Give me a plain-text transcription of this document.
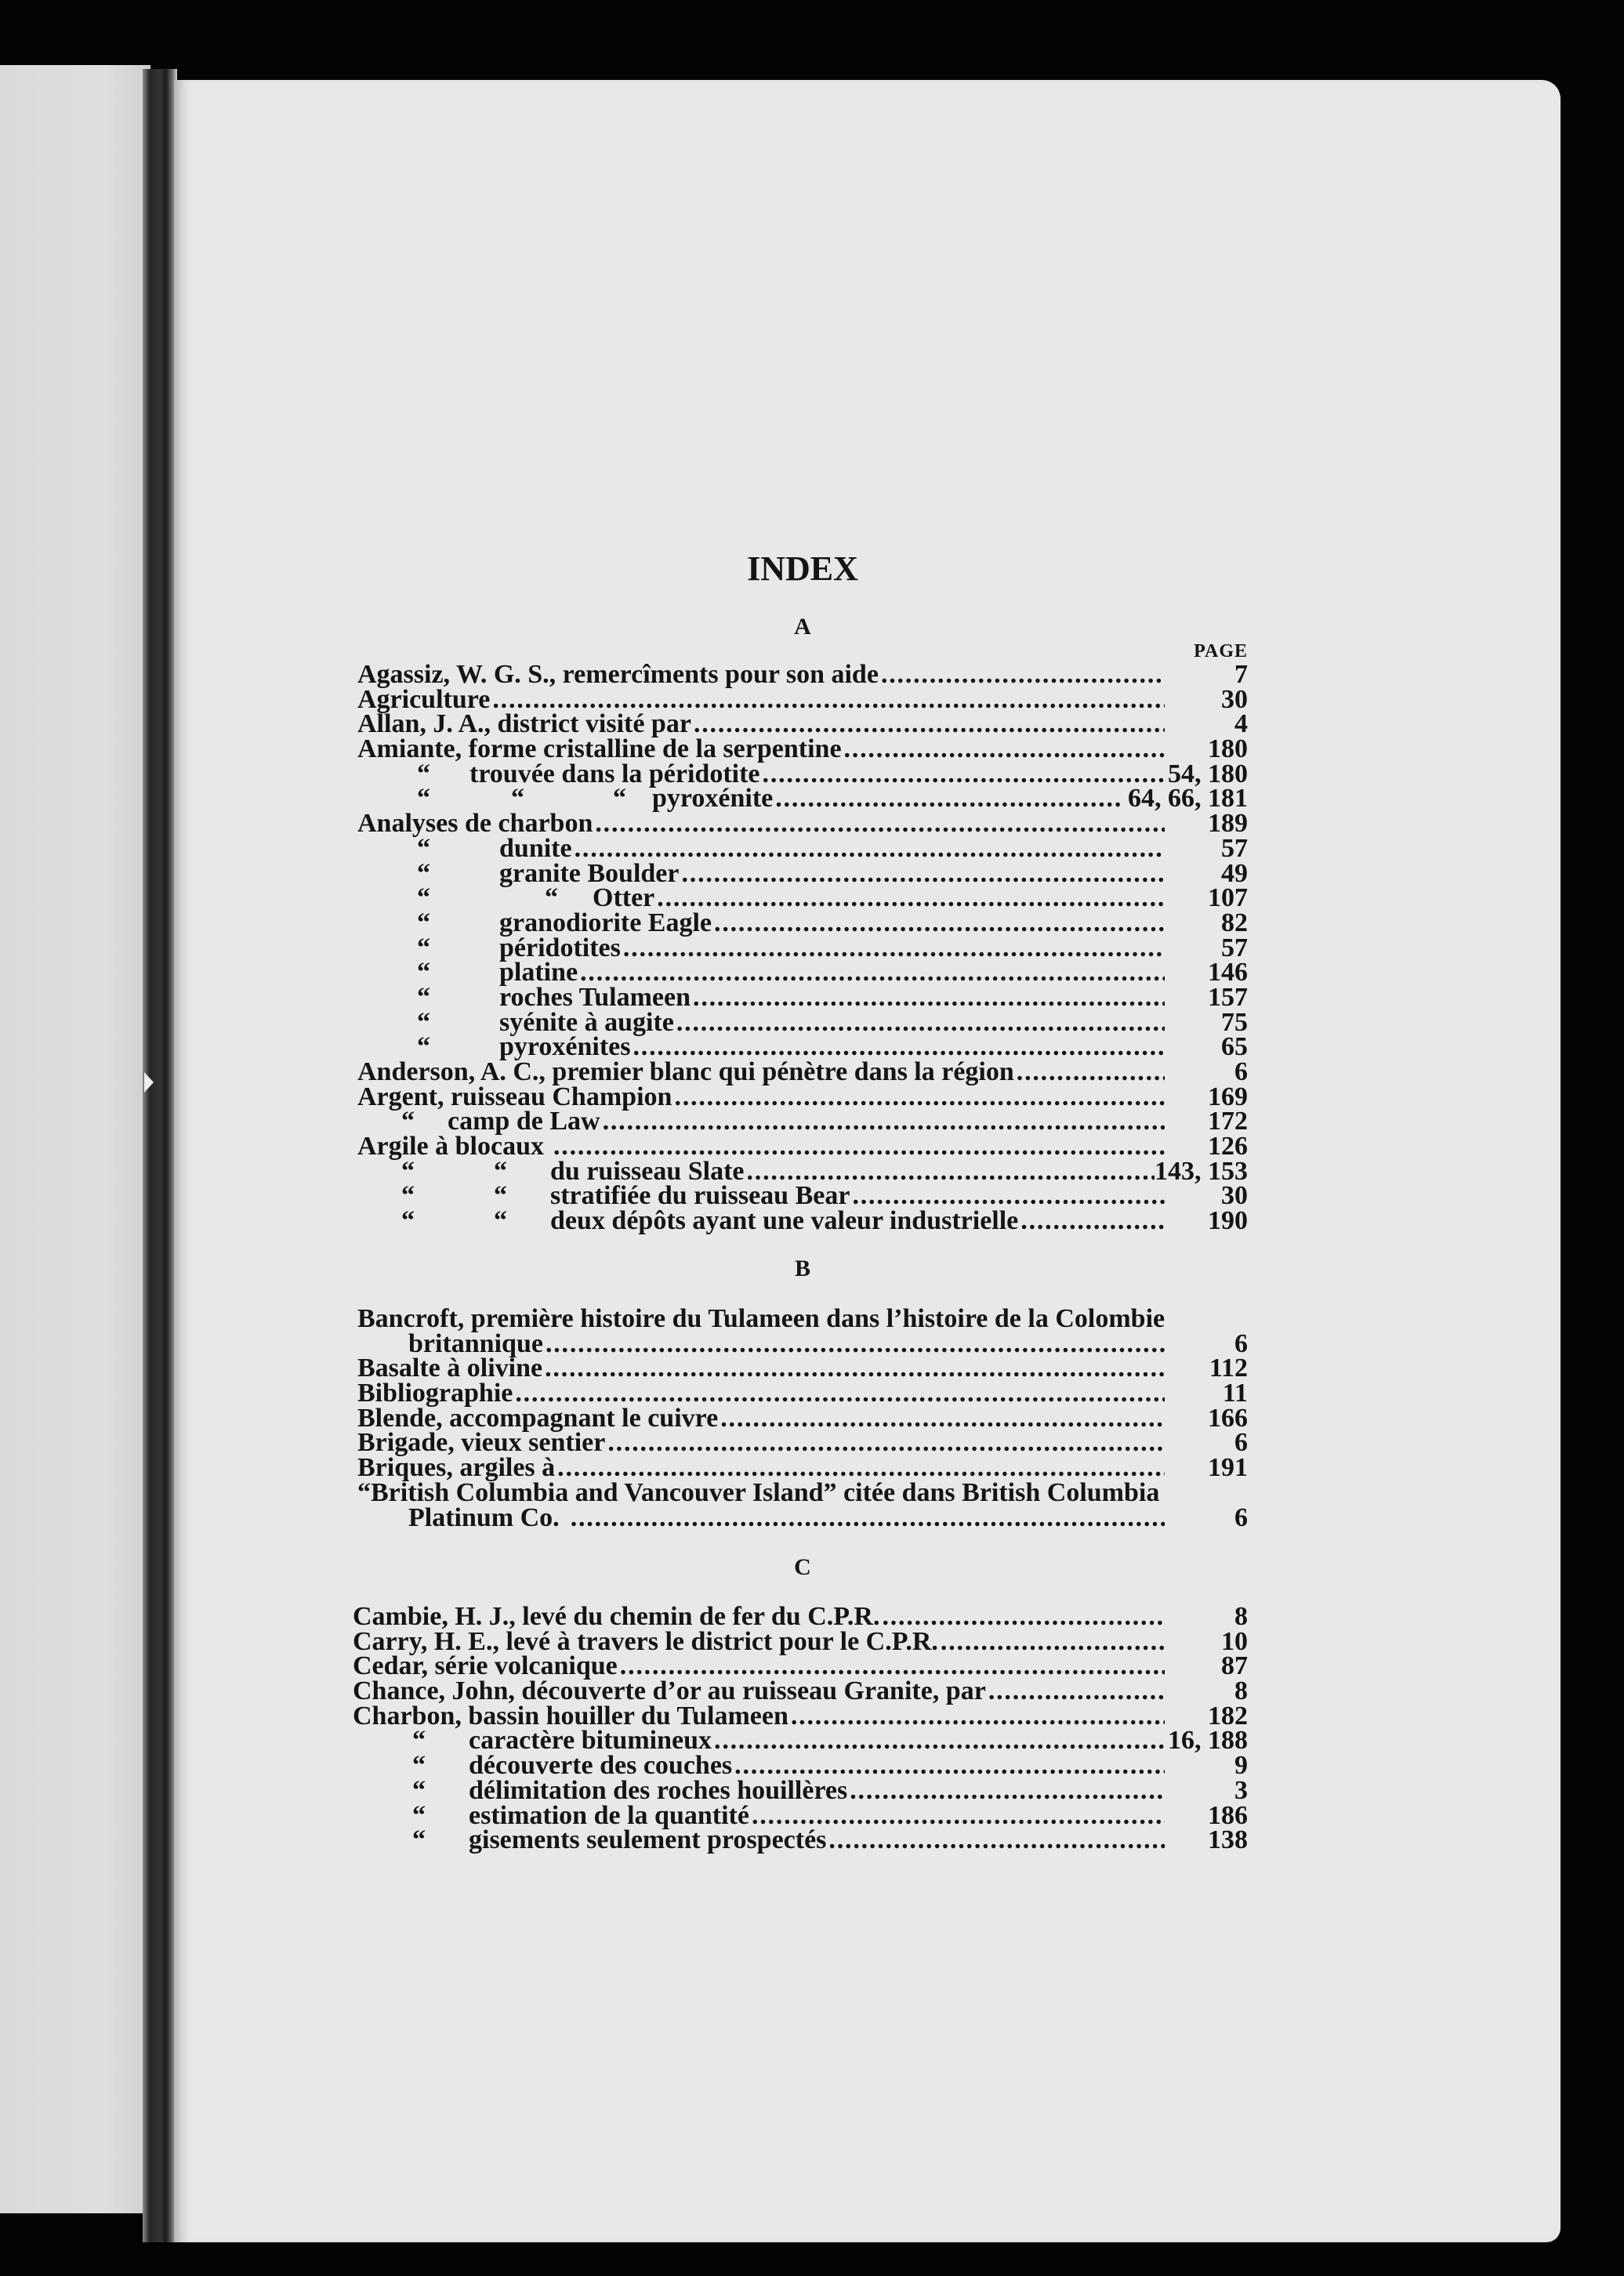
INDEX
A
PAGE
Agassiz, W. G. S., remercîments pour son aide .....	7
Agriculture .....	30
Allan, J. A., district visité par .....	4
Amiante, forme cristalline de la serpentine .....	180
“ trouvée dans la péridotite .....	54, 180
“	“	“ pyroxénite .....	64, 66, 181
Analyses de charbon .....	189
“	dunite .....	57
“	granite Boulder .....	49
“	“ Otter .....	107
“	granodiorite Eagle .....	82
“	péridotites .....	57
“	platine .....	146
“	roches Tulameen .....	157
“	syénite à augite .....	75
“	pyroxénites .....	65
Anderson, A. C., premier blanc qui pénètre dans la région .....	6
Argent, ruisseau Champion .....	169
“ camp de Law .....	172
Argile à blocaux .....	126
“	“ du ruisseau Slate .....	143, 153
“	“ stratifiée du ruisseau Bear .....	30
“	“ deux dépôts ayant une valeur industrielle .....	190
B
Bancroft, première histoire du Tulameen dans l’histoire de la Colombie
britannique .....	6
Basalte à olivine .....	112
Bibliographie .....	11
Blende, accompagnant le cuivre .....	166
Brigade, vieux sentier .....	6
Briques, argiles à .....	191
“British Columbia and Vancouver Island” citée dans British Columbia
Platinum Co. .....	6
C
Cambie, H. J., levé du chemin de fer du C.P.R. .....	8
Carry, H. E., levé à travers le district pour le C.P.R. .....	10
Cedar, série volcanique .....	87
Chance, John, découverte d’or au ruisseau Granite, par .....	8
Charbon, bassin houiller du Tulameen .....	182
“ caractère bitumineux .....	16, 188
“ découverte des couches .....	9
“ délimitation des roches houillères .....	3
“ estimation de la quantité .....	186
“ gisements seulement prospectés .....	138
